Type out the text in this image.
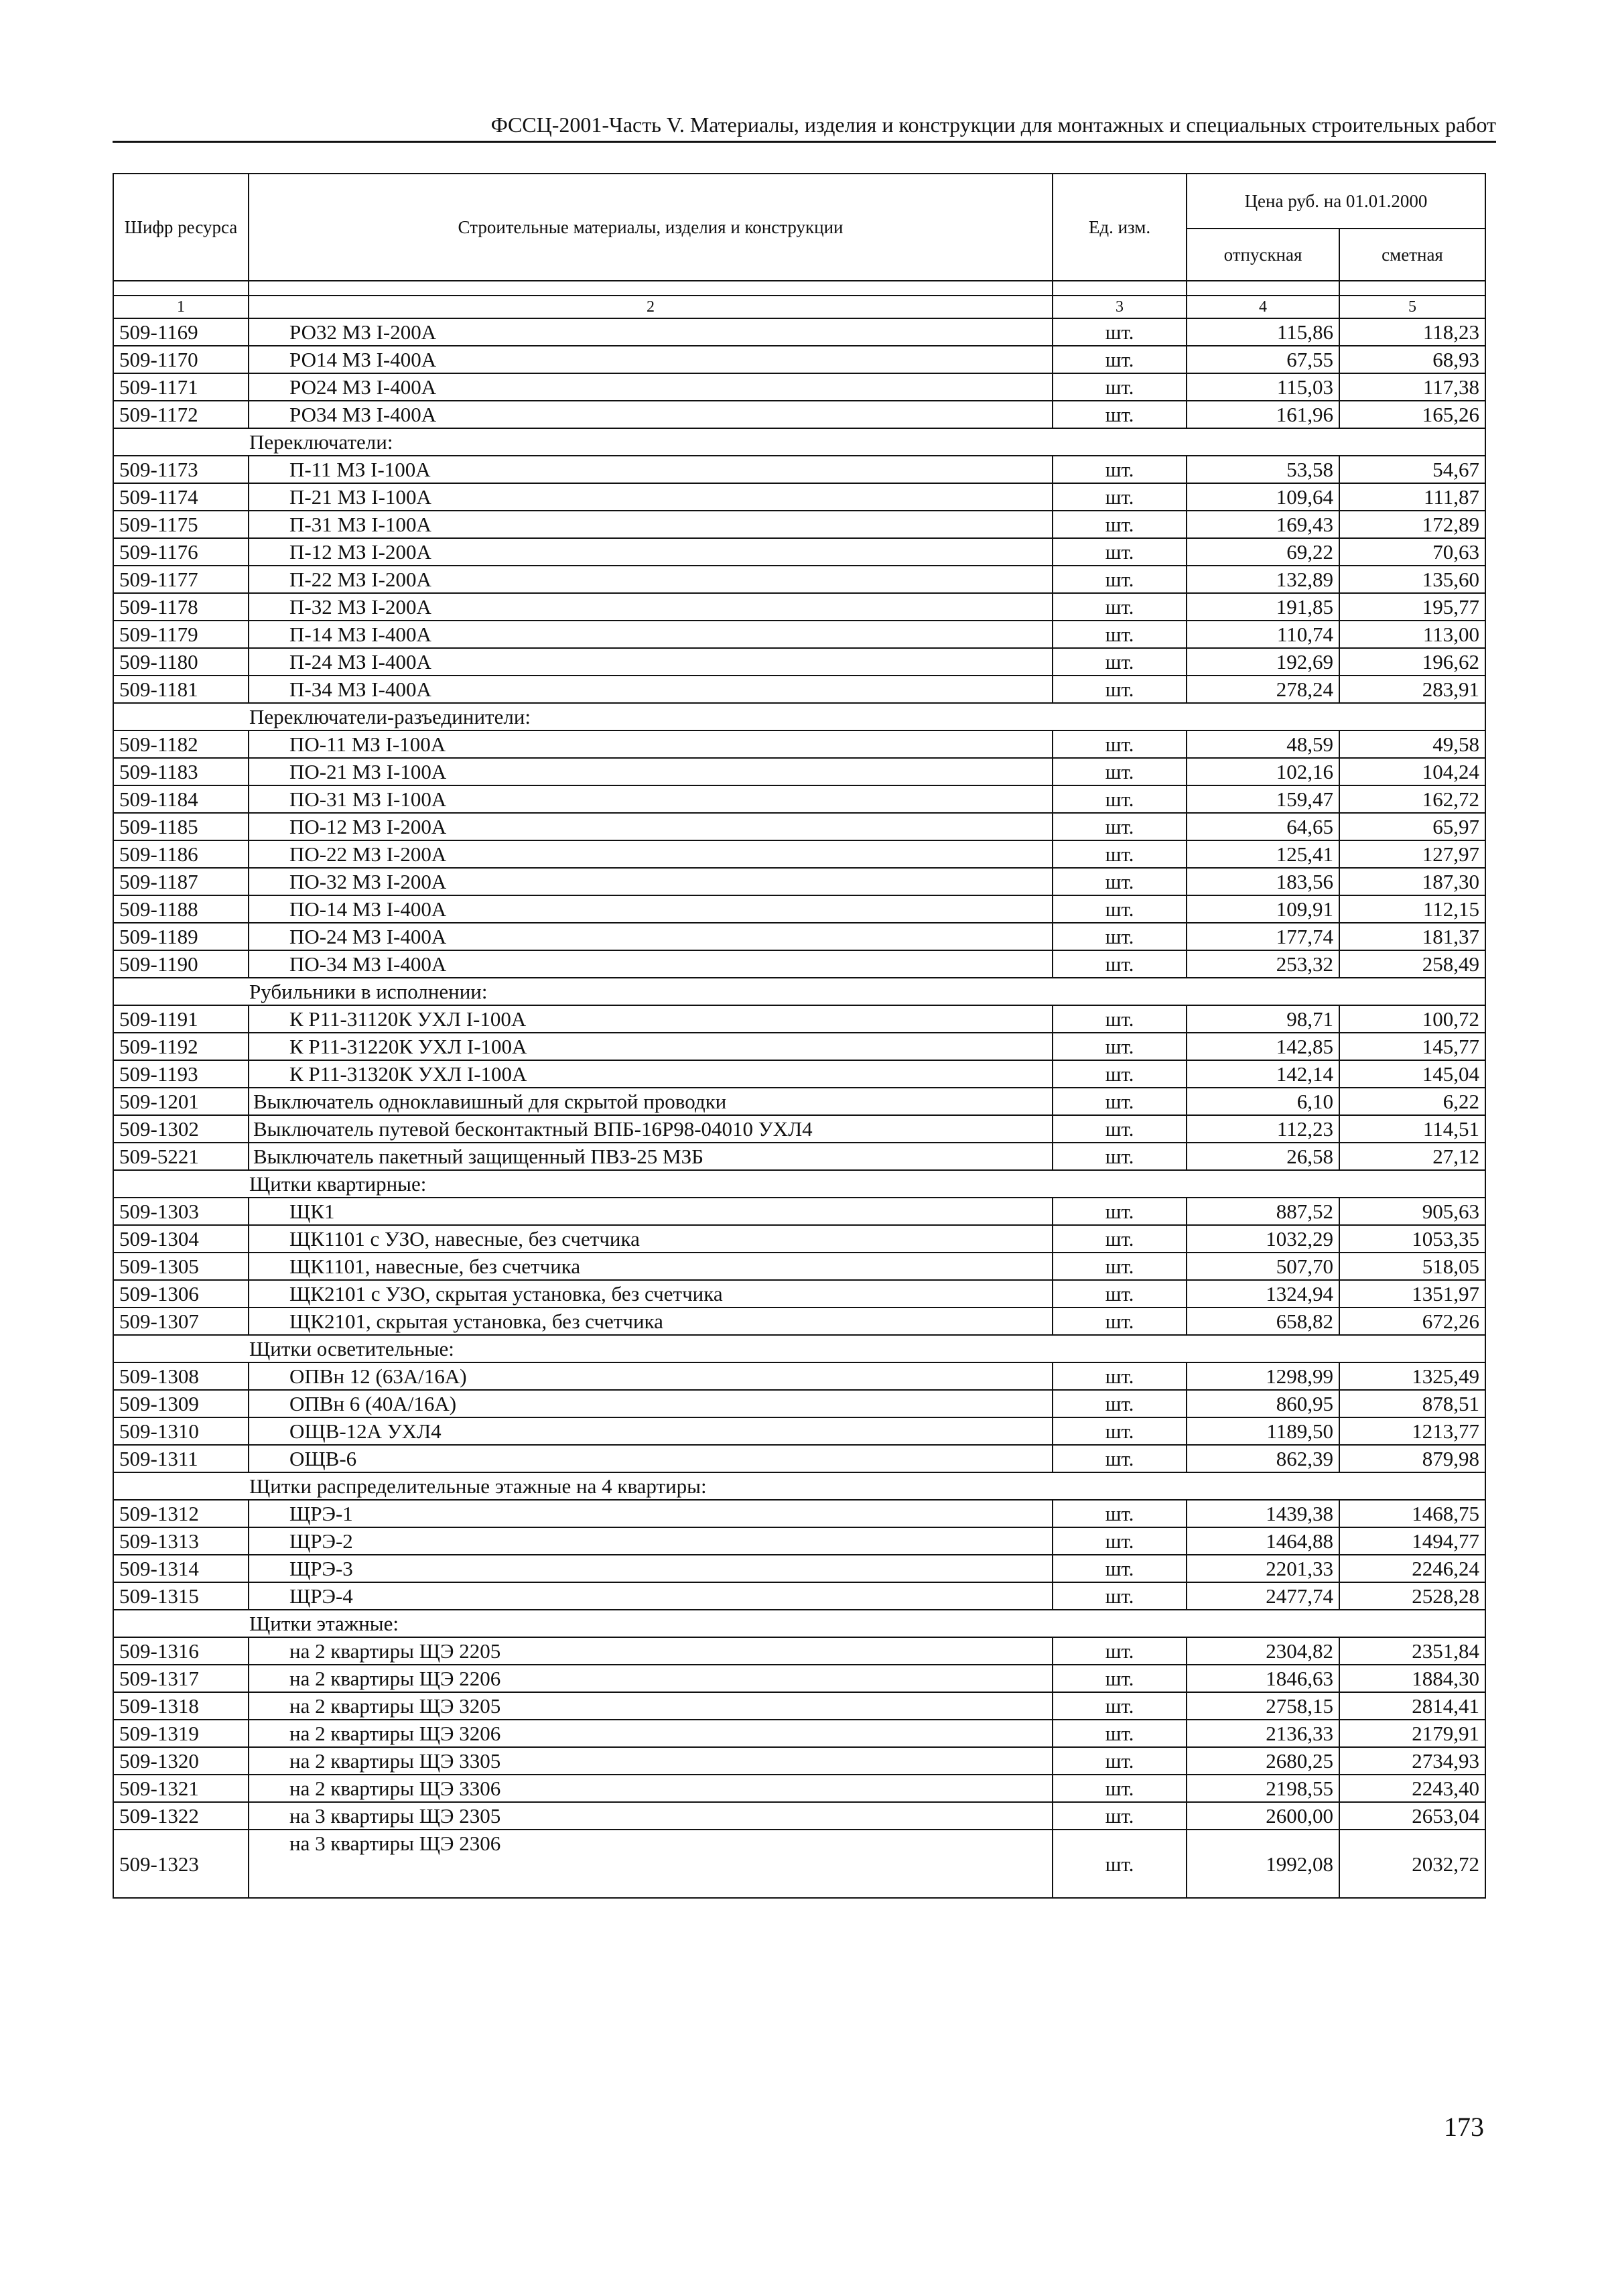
ФССЦ-2001-Часть V. Материалы, изделия и конструкции для монтажных и специальных строительных работ
Шифр ресурса	Строительные материалы, изделия и конструкции	Ед. изм.	Цена руб. на 01.01.2000	
			отпускная	сметная

1	2	3	4	5
509-1169	РО32 МЗ I-200А	шт.	115,86	118,23
509-1170	РО14 МЗ I-400А	шт.	67,55	68,93
509-1171	РО24 МЗ I-400А	шт.	115,03	117,38
509-1172	РО34 МЗ I-400А	шт.	161,96	165,26
Переключатели:				
509-1173	П-11 МЗ I-100А	шт.	53,58	54,67
509-1174	П-21 МЗ I-100А	шт.	109,64	111,87
509-1175	П-31 МЗ I-100А	шт.	169,43	172,89
509-1176	П-12 МЗ I-200А	шт.	69,22	70,63
509-1177	П-22 МЗ I-200А	шт.	132,89	135,60
509-1178	П-32 МЗ I-200А	шт.	191,85	195,77
509-1179	П-14 МЗ I-400А	шт.	110,74	113,00
509-1180	П-24 МЗ I-400А	шт.	192,69	196,62
509-1181	П-34 МЗ I-400А	шт.	278,24	283,91
Переключатели-разъединители:				
509-1182	ПО-11 МЗ I-100А	шт.	48,59	49,58
509-1183	ПО-21 МЗ I-100А	шт.	102,16	104,24
509-1184	ПО-31 МЗ I-100А	шт.	159,47	162,72
509-1185	ПО-12 МЗ I-200А	шт.	64,65	65,97
509-1186	ПО-22 МЗ I-200А	шт.	125,41	127,97
509-1187	ПО-32 МЗ I-200А	шт.	183,56	187,30
509-1188	ПО-14 МЗ I-400А	шт.	109,91	112,15
509-1189	ПО-24 МЗ I-400А	шт.	177,74	181,37
509-1190	ПО-34 МЗ I-400А	шт.	253,32	258,49
Рубильники в исполнении:				
509-1191	К Р11-31120К УХЛ I-100А	шт.	98,71	100,72
509-1192	К Р11-31220К УХЛ I-100А	шт.	142,85	145,77
509-1193	К Р11-31320К УХЛ I-100А	шт.	142,14	145,04
509-1201	Выключатель одноклавишный для скрытой проводки	шт.	6,10	6,22
509-1302	Выключатель путевой бесконтактный ВПБ-16Р98-04010 УХЛ4	шт.	112,23	114,51
509-5221	Выключатель пакетный защищенный ПВЗ-25 МЗБ	шт.	26,58	27,12
Щитки квартирные:				
509-1303	ЩК1	шт.	887,52	905,63
509-1304	ЩК1101 с УЗО, навесные, без счетчика	шт.	1032,29	1053,35
509-1305	ЩК1101, навесные, без счетчика	шт.	507,70	518,05
509-1306	ЩК2101 с УЗО, скрытая установка, без счетчика	шт.	1324,94	1351,97
509-1307	ЩК2101, скрытая установка, без счетчика	шт.	658,82	672,26
Щитки осветительные:				
509-1308	ОПВн 12 (63А/16А)	шт.	1298,99	1325,49
509-1309	ОПВн 6 (40А/16А)	шт.	860,95	878,51
509-1310	ОЩВ-12А УХЛ4	шт.	1189,50	1213,77
509-1311	ОЩВ-6	шт.	862,39	879,98
Щитки распределительные этажные на 4 квартиры:				
509-1312	ЩРЭ-1	шт.	1439,38	1468,75
509-1313	ЩРЭ-2	шт.	1464,88	1494,77
509-1314	ЩРЭ-3	шт.	2201,33	2246,24
509-1315	ЩРЭ-4	шт.	2477,74	2528,28
Щитки этажные:				
509-1316	на 2 квартиры ЩЭ 2205	шт.	2304,82	2351,84
509-1317	на 2 квартиры ЩЭ 2206	шт.	1846,63	1884,30
509-1318	на 2 квартиры ЩЭ 3205	шт.	2758,15	2814,41
509-1319	на 2 квартиры ЩЭ 3206	шт.	2136,33	2179,91
509-1320	на 2 квартиры ЩЭ 3305	шт.	2680,25	2734,93
509-1321	на 2 квартиры ЩЭ 3306	шт.	2198,55	2243,40
509-1322	на 3 квартиры ЩЭ 2305	шт.	2600,00	2653,04
509-1323	на 3 квартиры ЩЭ 2306	шт.	1992,08	2032,72
173
